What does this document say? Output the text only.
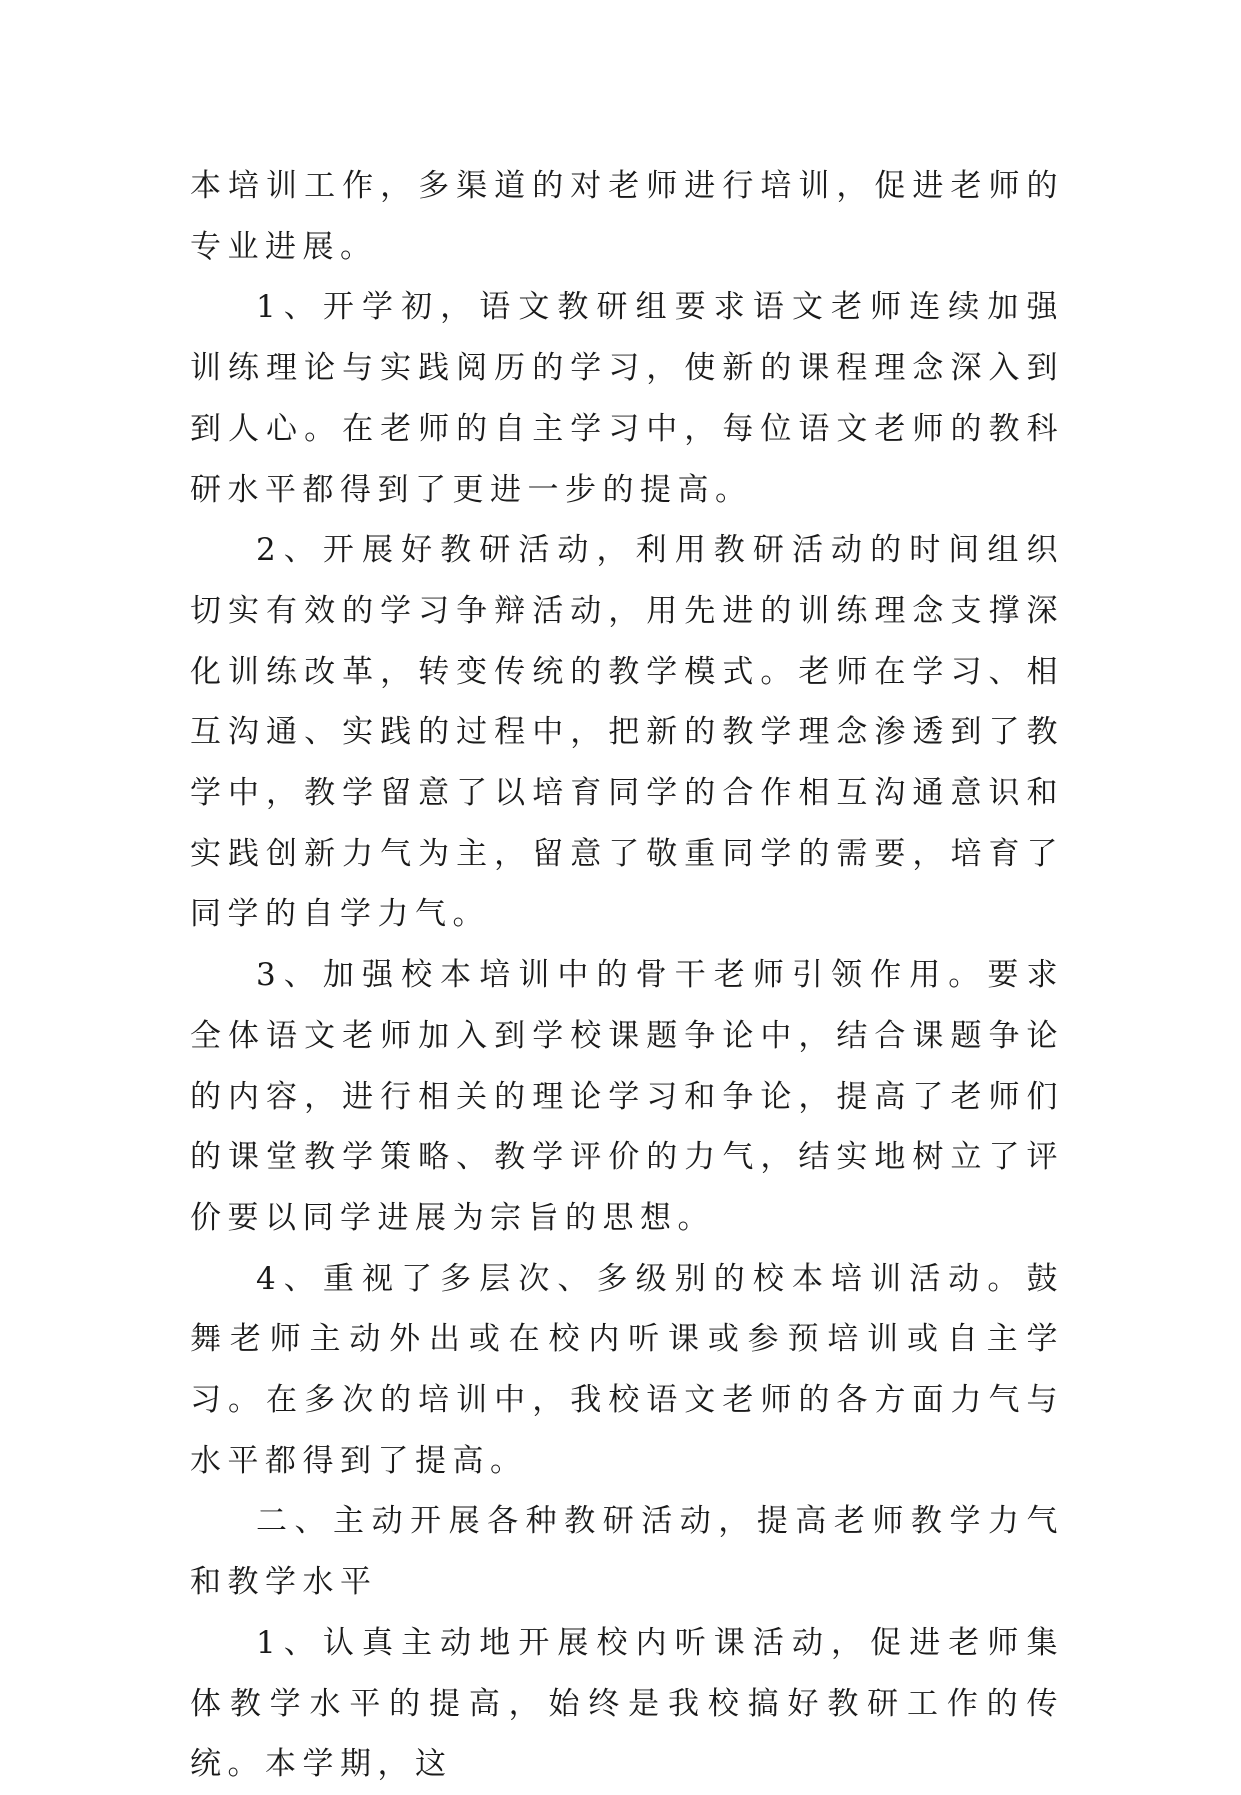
本培训工作，多渠道的对老师进行培训，促进老师的专业进展。

1、开学初，语文教研组要求语文老师连续加强训练理论与实践阅历的学习，使新的课程理念深入到到人心。在老师的自主学习中，每位语文老师的教科研水平都得到了更进一步的提高。

2、开展好教研活动，利用教研活动的时间组织切实有效的学习争辩活动，用先进的训练理念支撑深化训练改革，转变传统的教学模式。老师在学习、相互沟通、实践的过程中，把新的教学理念渗透到了教学中，教学留意了以培育同学的合作相互沟通意识和实践创新力气为主，留意了敬重同学的需要，培育了同学的自学力气。

3、加强校本培训中的骨干老师引领作用。要求全体语文老师加入到学校课题争论中，结合课题争论的内容，进行相关的理论学习和争论，提高了老师们的课堂教学策略、教学评价的力气，结实地树立了评价要以同学进展为宗旨的思想。

4、重视了多层次、多级别的校本培训活动。鼓舞老师主动外出或在校内听课或参预培训或自主学习。在多次的培训中，我校语文老师的各方面力气与水平都得到了提高。

二、主动开展各种教研活动，提高老师教学力气和教学水平

1、认真主动地开展校内听课活动，促进老师集体教学水平的提高，始终是我校搞好教研工作的传统。本学期，这
